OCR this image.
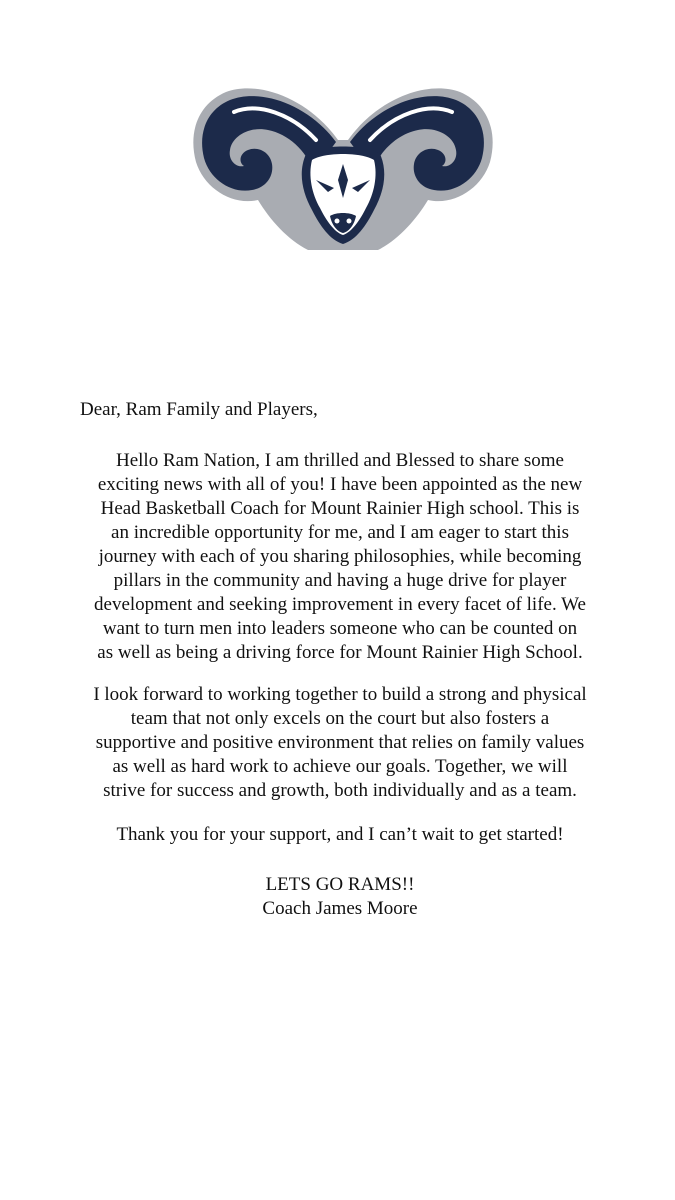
Dear, Ram Family and Players,
Hello Ram Nation, I am thrilled and Blessed to share some
exciting news with all of you! I have been appointed as the new
Head Basketball Coach for Mount Rainier High school. This is
an incredible opportunity for me, and I am eager to start this
journey with each of you sharing philosophies, while becoming
pillars in the community and having a huge drive for player
development and seeking improvement in every facet of life. We
want to turn men into leaders someone who can be counted on
as well as being a driving force for Mount Rainier High School.
I look forward to working together to build a strong and physical
team that not only excels on the court but also fosters a
supportive and positive environment that relies on family values
as well as hard work to achieve our goals. Together, we will
strive for success and growth, both individually and as a team.
Thank you for your support, and I can’t wait to get started!
LETS GO RAMS!!
Coach James Moore
